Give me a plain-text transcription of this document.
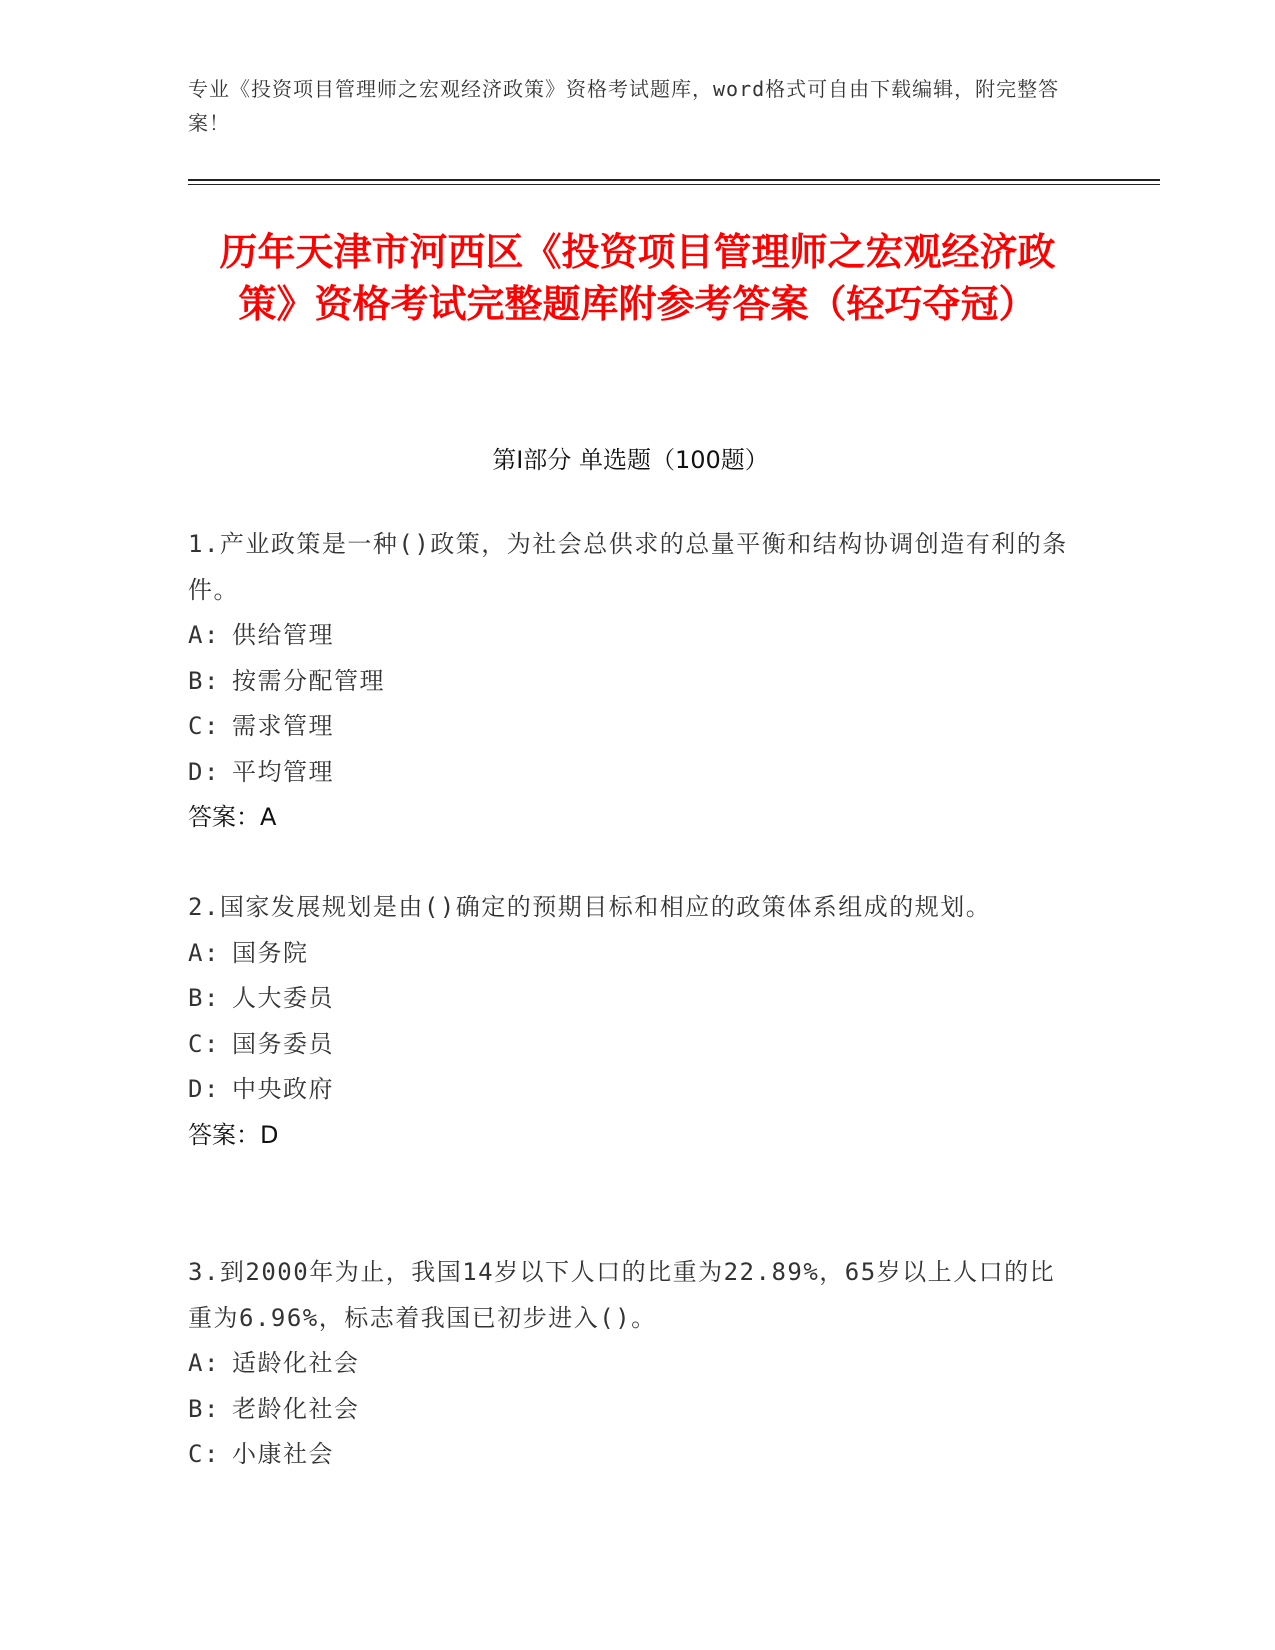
专业《投资项目管理师之宏观经济政策》资格考试题库，word格式可自由下载编辑，附完整答案！
历年天津市河西区《投资项目管理师之宏观经济政策》资格考试完整题库附参考答案（轻巧夺冠）
第Ⅰ部分 单选题（100题）
1.产业政策是一种()政策，为社会总供求的总量平衡和结构协调创造有利的条件。
A: 供给管理
B: 按需分配管理
C: 需求管理
D: 平均管理
答案：A
2.国家发展规划是由()确定的预期目标和相应的政策体系组成的规划。
A: 国务院
B: 人大委员
C: 国务委员
D: 中央政府
答案：D
3.到2000年为止，我国14岁以下人口的比重为22.89%，65岁以上人口的比重为6.96%，标志着我国已初步进入()。
A: 适龄化社会
B: 老龄化社会
C: 小康社会
